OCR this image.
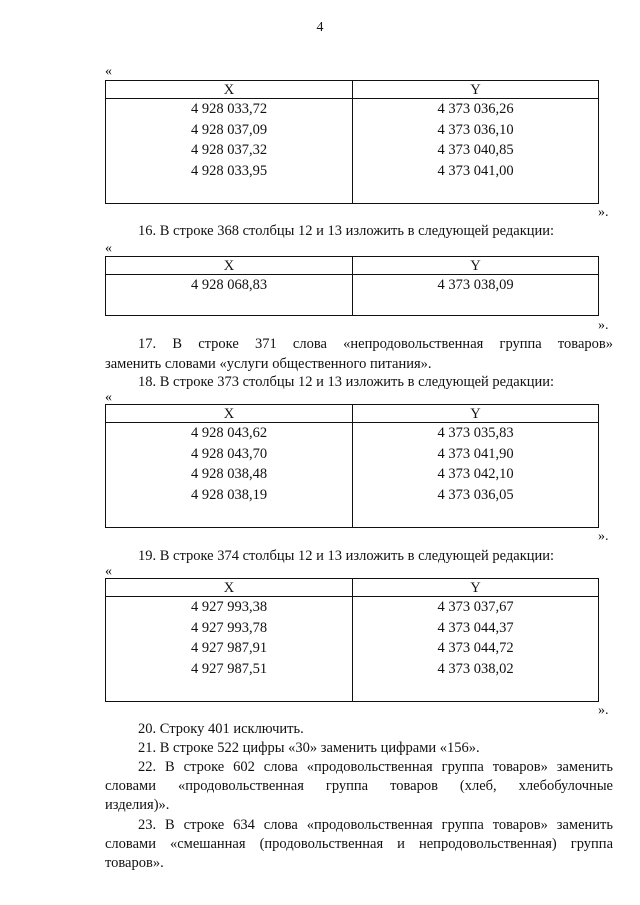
4
«
X
4 928 033,72
4 928 037,09
4 928 037,32
4 928 033,95
Y
4 373 036,26
4 373 036,10
4 373 040,85
4 373 041,00
».
16. В строке 368 столбцы 12 и 13 изложить в следующей редакции:
«
X
4 928 068,83
Y
4 373 038,09
».
17. В строке 371 слова «непродовольственная группа товаров»
заменить словами «услуги общественного питания».
18. В строке 373 столбцы 12 и 13 изложить в следующей редакции:
«
X
4 928 043,62
4 928 043,70
4 928 038,48
4 928 038,19
Y
4 373 035,83
4 373 041,90
4 373 042,10
4 373 036,05
».
19. В строке 374 столбцы 12 и 13 изложить в следующей редакции:
«
X
4 927 993,38
4 927 993,78
4 927 987,91
4 927 987,51
Y
4 373 037,67
4 373 044,37
4 373 044,72
4 373 038,02
».
20. Строку 401 исключить.
21. В строке 522 цифры «30» заменить цифрами «156».
22. В строке 602 слова «продовольственная группа товаров» заменить
словами «продовольственная группа товаров (хлеб, хлебобулочные
изделия)».
23. В строке 634 слова «продовольственная группа товаров» заменить
словами «смешанная (продовольственная и непродовольственная) группа
товаров».
